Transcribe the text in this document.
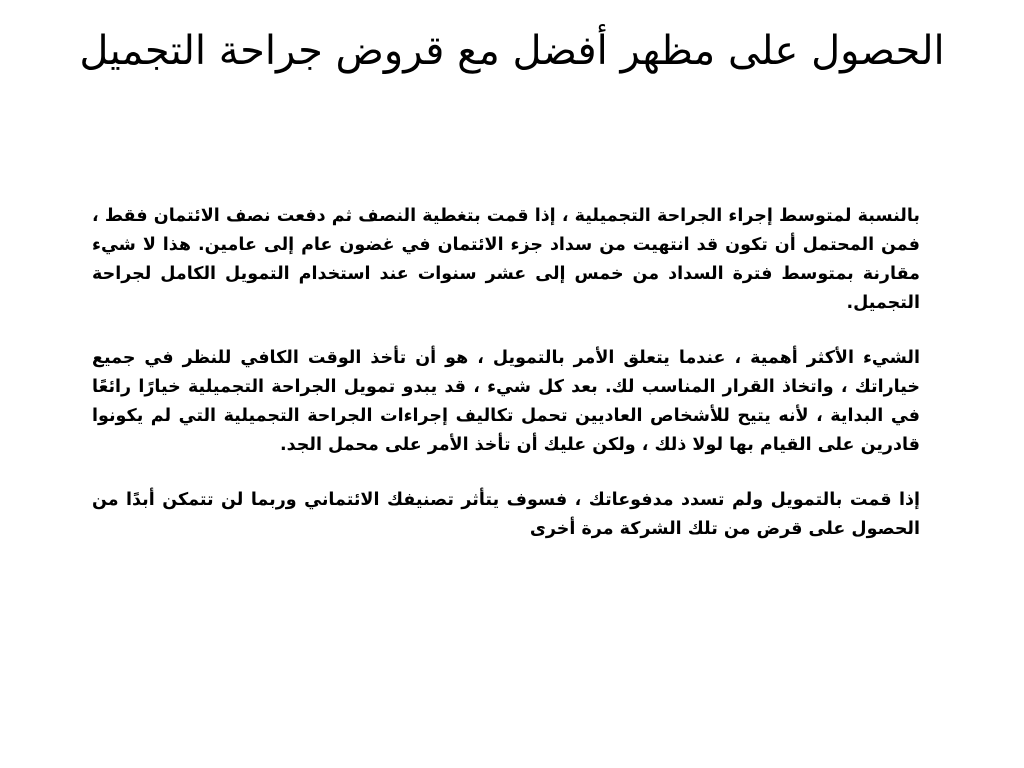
الحصول على مظهر أفضل مع قروض جراحة التجميل

بالنسبة لمتوسط إجراء الجراحة التجميلية ، إذا قمت بتغطية النصف ثم دفعت نصف الائتمان فقط ، فمن المحتمل أن تكون قد انتهيت من سداد جزء الائتمان في غضون عام إلى عامين. هذا لا شيء مقارنة بمتوسط فترة السداد من خمس إلى عشر سنوات عند استخدام التمويل الكامل لجراحة التجميل.

الشيء الأكثر أهمية ، عندما يتعلق الأمر بالتمويل ، هو أن تأخذ الوقت الكافي للنظر في جميع خياراتك ، واتخاذ القرار المناسب لك. بعد كل شيء ، قد يبدو تمويل الجراحة التجميلية خيارًا رائعًا في البداية ، لأنه يتيح للأشخاص العاديين تحمل تكاليف إجراءات الجراحة التجميلية التي لم يكونوا قادرين على القيام بها لولا ذلك ، ولكن عليك أن تأخذ الأمر على محمل الجد.

إذا قمت بالتمويل ولم تسدد مدفوعاتك ، فسوف يتأثر تصنيفك الائتماني وربما لن تتمكن أبدًا من الحصول على قرض من تلك الشركة مرة أخرى
